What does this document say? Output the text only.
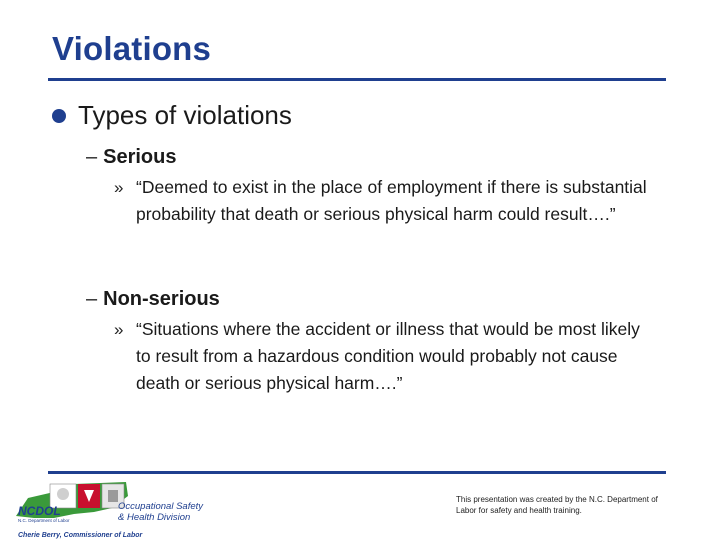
Violations
Types of violations
– Serious
» “Deemed to exist in the place of employment if there is substantial probability that death or serious physical harm could result….”
– Non-serious
» “Situations where the accident or illness that would be most likely to result from a hazardous condition would probably not cause death or serious physical harm….”
NCDOL
N.C. Department of Labor
Occupational Safety
& Health Division
Cherie Berry, Commissioner of Labor
This presentation was created by the N.C. Department of Labor for safety and health training.
